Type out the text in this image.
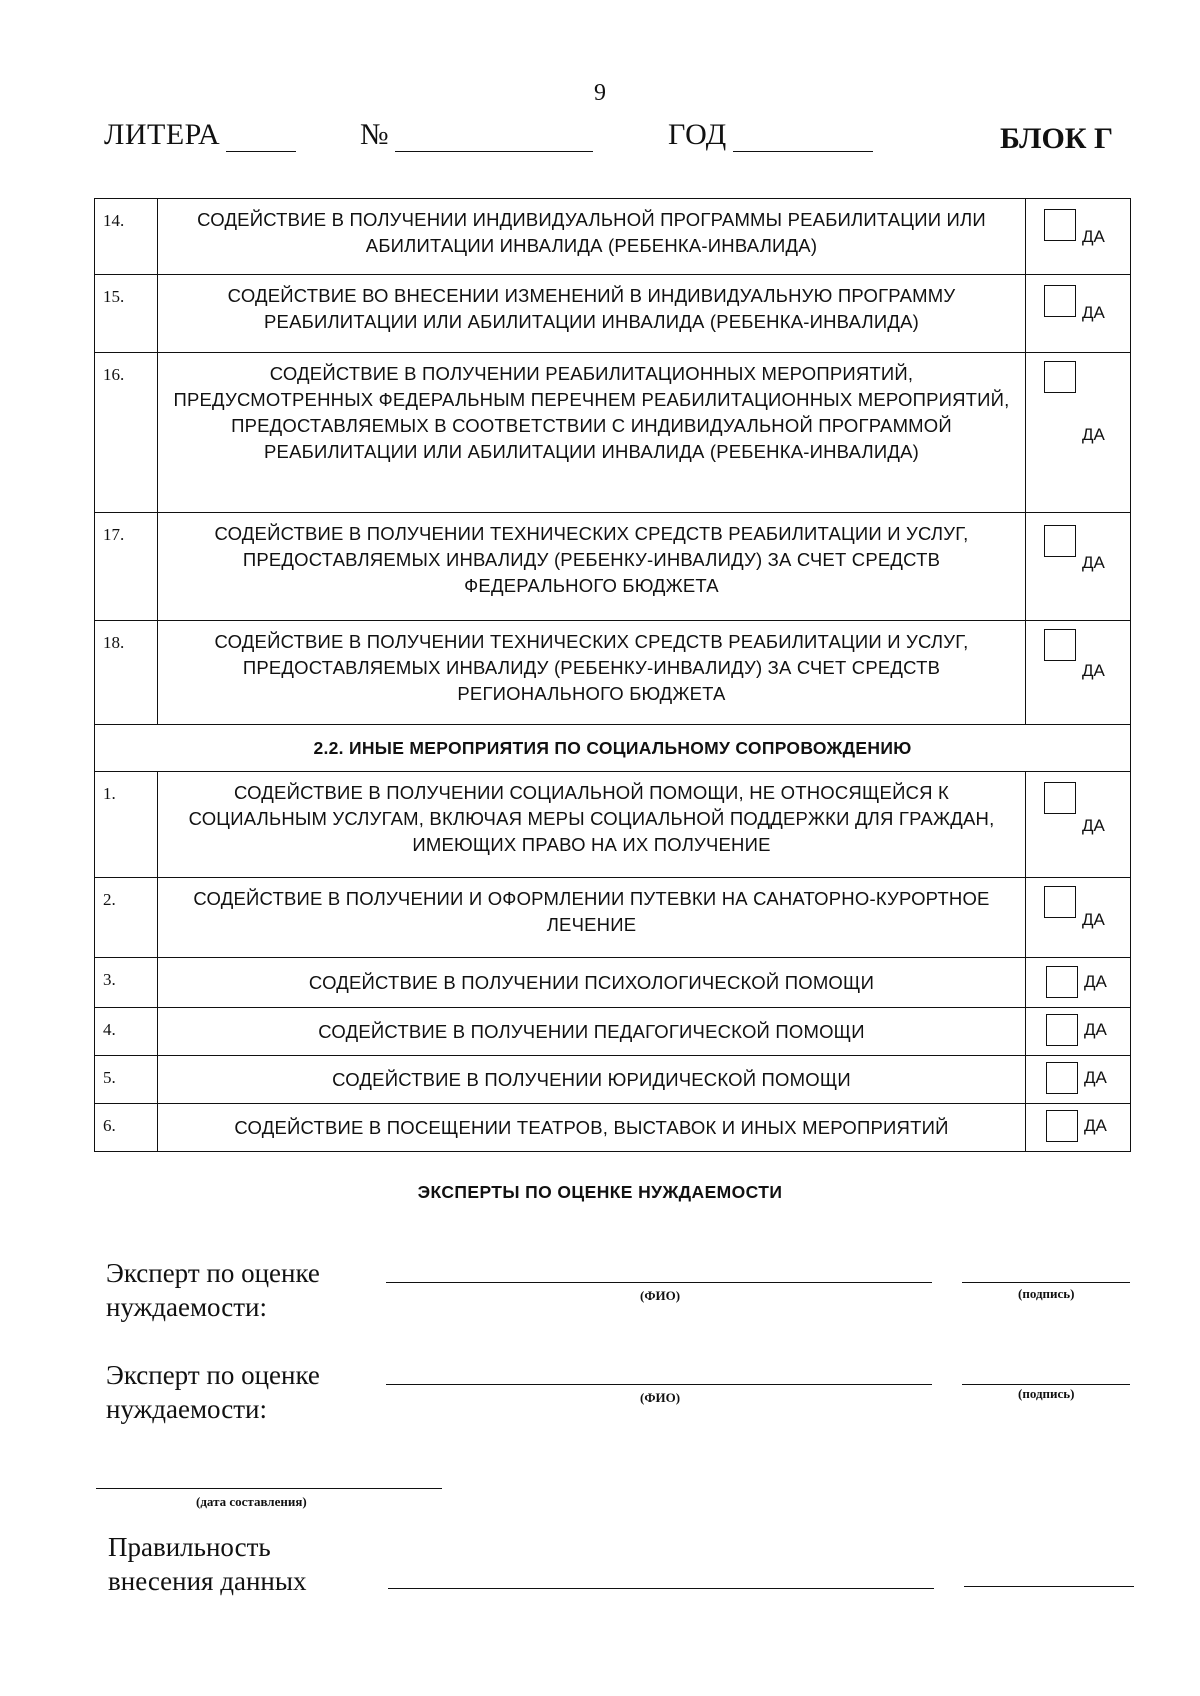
9
ЛИТЕРА	№	ГОД	БЛОК Г
14.	СОДЕЙСТВИЕ В ПОЛУЧЕНИИ ИНДИВИДУАЛЬНОЙ ПРОГРАММЫ РЕАБИЛИТАЦИИ ИЛИ АБИЛИТАЦИИ ИНВАЛИДА (РЕБЕНКА-ИНВАЛИДА)	ДА

15.	СОДЕЙСТВИЕ ВО ВНЕСЕНИИ ИЗМЕНЕНИЙ В ИНДИВИДУАЛЬНУЮ ПРОГРАММУ РЕАБИЛИТАЦИИ ИЛИ АБИЛИТАЦИИ ИНВАЛИДА (РЕБЕНКА-ИНВАЛИДА)	ДА

16.	СОДЕЙСТВИЕ В ПОЛУЧЕНИИ РЕАБИЛИТАЦИОННЫХ МЕРОПРИЯТИЙ, ПРЕДУСМОТРЕННЫХ ФЕДЕРАЛЬНЫМ ПЕРЕЧНЕМ РЕАБИЛИТАЦИОННЫХ МЕРОПРИЯТИЙ, ПРЕДОСТАВЛЯЕМЫХ В СООТВЕТСТВИИ С ИНДИВИДУАЛЬНОЙ ПРОГРАММОЙ РЕАБИЛИТАЦИИ ИЛИ АБИЛИТАЦИИ ИНВАЛИДА (РЕБЕНКА-ИНВАЛИДА)	ДА

17.	СОДЕЙСТВИЕ В ПОЛУЧЕНИИ ТЕХНИЧЕСКИХ СРЕДСТВ РЕАБИЛИТАЦИИ И УСЛУГ, ПРЕДОСТАВЛЯЕМЫХ ИНВАЛИДУ (РЕБЕНКУ-ИНВАЛИДУ) ЗА СЧЕТ СРЕДСТВ ФЕДЕРАЛЬНОГО БЮДЖЕТА	ДА

18.	СОДЕЙСТВИЕ В ПОЛУЧЕНИИ ТЕХНИЧЕСКИХ СРЕДСТВ РЕАБИЛИТАЦИИ И УСЛУГ, ПРЕДОСТАВЛЯЕМЫХ ИНВАЛИДУ (РЕБЕНКУ-ИНВАЛИДУ) ЗА СЧЕТ СРЕДСТВ РЕГИОНАЛЬНОГО БЮДЖЕТА	ДА

2.2. ИНЫЕ МЕРОПРИЯТИЯ ПО СОЦИАЛЬНОМУ СОПРОВОЖДЕНИЮ		
1.	СОДЕЙСТВИЕ В ПОЛУЧЕНИИ СОЦИАЛЬНОЙ ПОМОЩИ, НЕ ОТНОСЯЩЕЙСЯ К СОЦИАЛЬНЫМ УСЛУГАМ, ВКЛЮЧАЯ МЕРЫ СОЦИАЛЬНОЙ ПОДДЕРЖКИ ДЛЯ ГРАЖДАН, ИМЕЮЩИХ ПРАВО НА ИХ ПОЛУЧЕНИЕ	ДА

2.	СОДЕЙСТВИЕ В ПОЛУЧЕНИИ И ОФОРМЛЕНИИ ПУТЕВКИ НА САНАТОРНО-КУРОРТНОЕ ЛЕЧЕНИЕ	ДА

3.	СОДЕЙСТВИЕ В ПОЛУЧЕНИИ ПСИХОЛОГИЧЕСКОЙ ПОМОЩИ	ДА

4.	СОДЕЙСТВИЕ В ПОЛУЧЕНИИ ПЕДАГОГИЧЕСКОЙ ПОМОЩИ	ДА

5.	СОДЕЙСТВИЕ В ПОЛУЧЕНИИ ЮРИДИЧЕСКОЙ ПОМОЩИ	ДА

6.	СОДЕЙСТВИЕ В ПОСЕЩЕНИИ ТЕАТРОВ, ВЫСТАВОК И ИНЫХ МЕРОПРИЯТИЙ	ДА
ЭКСПЕРТЫ ПО ОЦЕНКЕ НУЖДАЕМОСТИ
Эксперт по оценке
нуждаемости:	(ФИО)	(подпись)
Эксперт по оценке
нуждаемости:	(ФИО)	(подпись)
(дата составления)
Правильность
внесения данных
